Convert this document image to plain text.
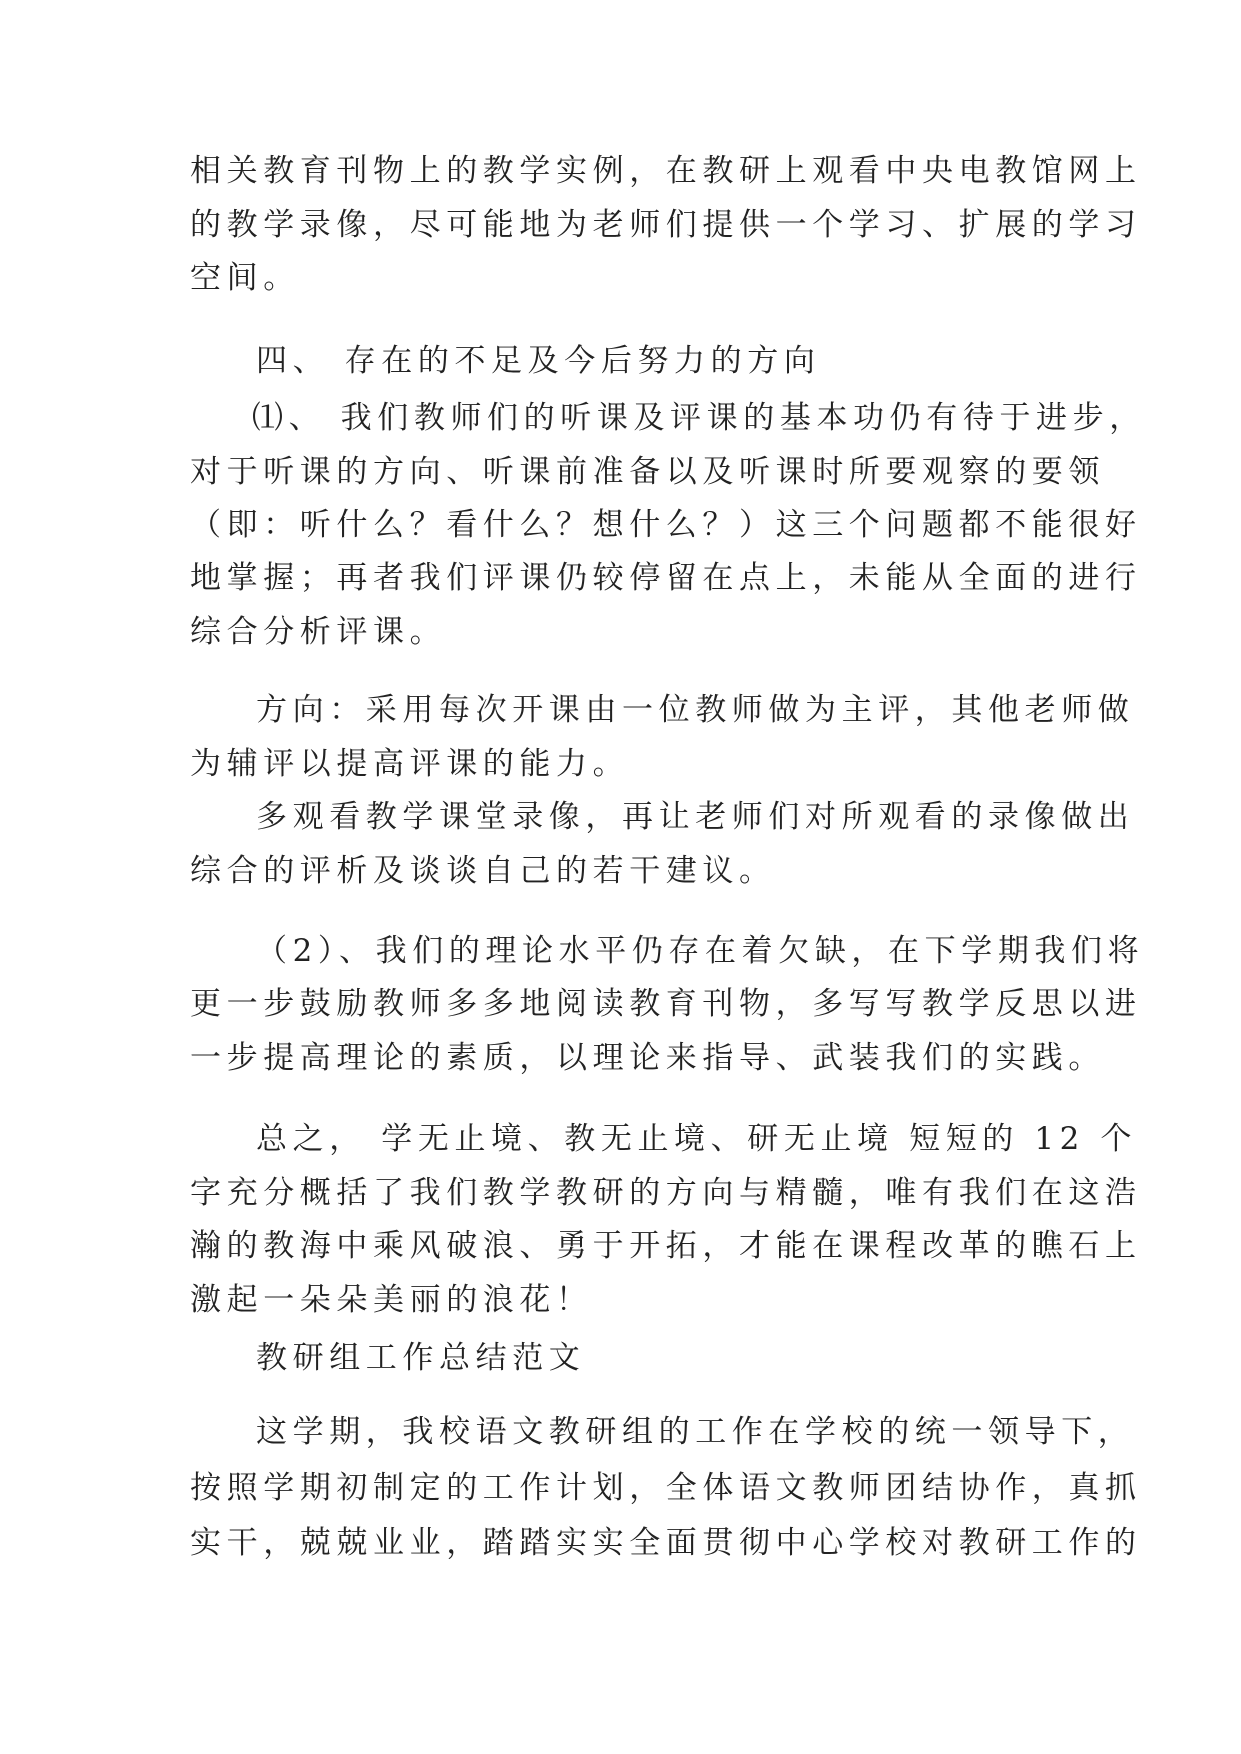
相关教育刊物上的教学实例，在教研上观看中央电教馆网上
的教学录像，尽可能地为老师们提供一个学习、扩展的学习
空间。
四、 存在的不足及今后努力的方向
⑴、 我们教师们的听课及评课的基本功仍有待于进步，
对于听课的方向、听课前准备以及听课时所要观察的要领
（即：听什么？看什么？想什么？）这三个问题都不能很好
地掌握；再者我们评课仍较停留在点上，未能从全面的进行
综合分析评课。
方向：采用每次开课由一位教师做为主评，其他老师做
为辅评以提高评课的能力。
多观看教学课堂录像，再让老师们对所观看的录像做出
综合的评析及谈谈自己的若干建议。
（2）、我们的理论水平仍存在着欠缺，在下学期我们将
更一步鼓励教师多多地阅读教育刊物，多写写教学反思以进
一步提高理论的素质，以理论来指导、武装我们的实践。
总之， 学无止境、教无止境、研无止境 短短的 12 个
字充分概括了我们教学教研的方向与精髓，唯有我们在这浩
瀚的教海中乘风破浪、勇于开拓，才能在课程改革的瞧石上
激起一朵朵美丽的浪花！
教研组工作总结范文
这学期，我校语文教研组的工作在学校的统一领导下，
按照学期初制定的工作计划，全体语文教师团结协作，真抓
实干，兢兢业业，踏踏实实全面贯彻中心学校对教研工作的
